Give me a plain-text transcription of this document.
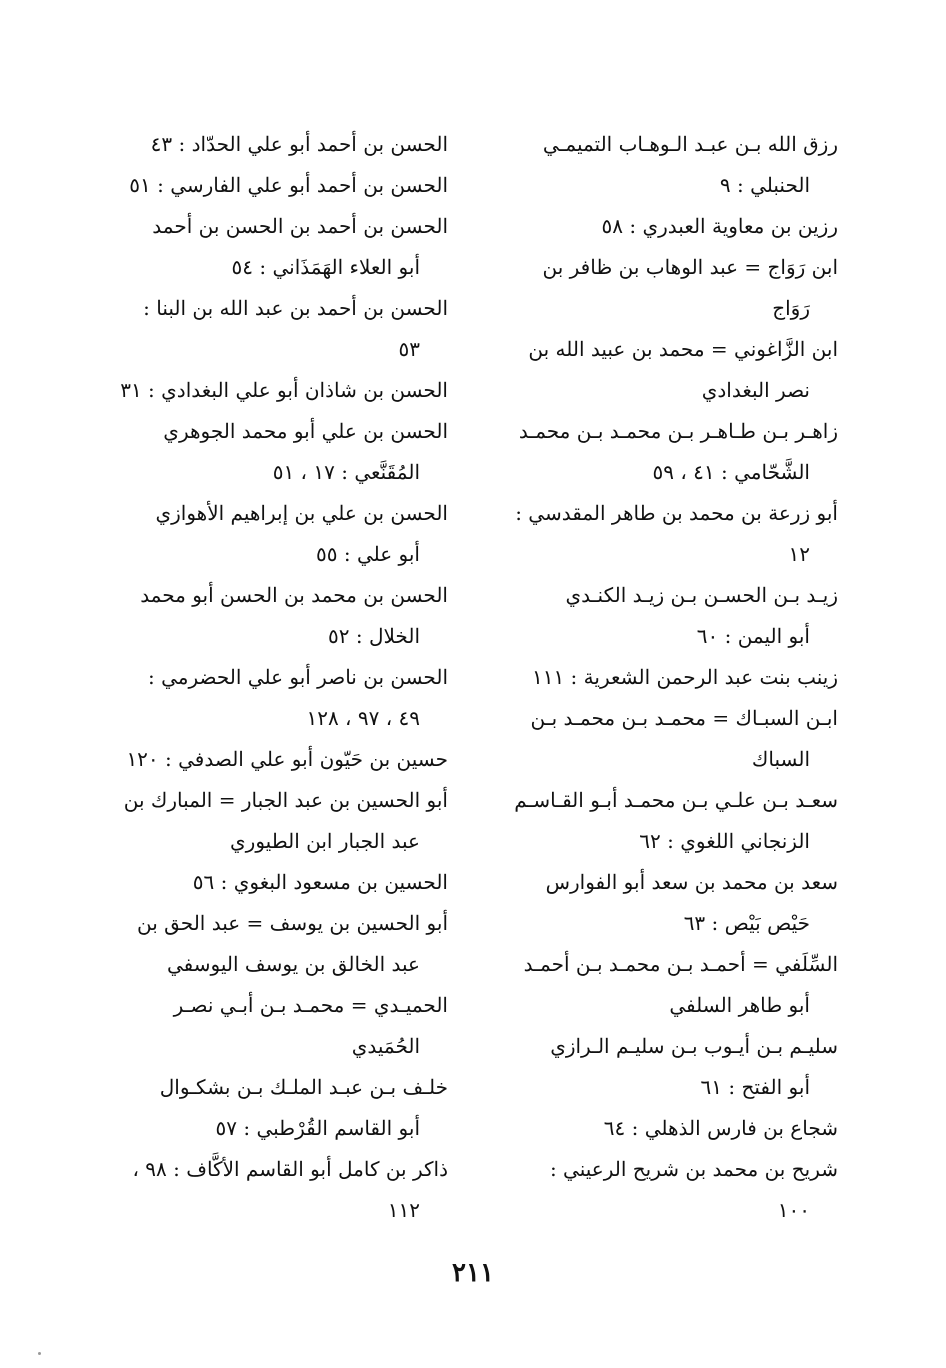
الحسن بن أحمد أبو علي الحدّاد : ٤٣
الحسن بن أحمد أبو علي الفارسي : ٥١
الحسن بن أحمد بن الحسن بن أحمد
أبو العلاء الهَمَذَاني : ٥٤
الحسن بن أحمد بن عبد الله بن البنا :
٥٣
الحسن بن شاذان أبو علي البغدادي : ٣١
الحسن بن علي أبو محمد الجوهري
المُقَنَّعي : ١٧ ، ٥١
الحسن بن علي بن إبراهيم الأهوازي
أبو علي : ٥٥
الحسن بن محمد بن الحسن أبو محمد
الخلال : ٥٢
الحسن بن ناصر أبو علي الحضرمي :
٤٩ ، ٩٧ ، ١٢٨
حسين بن حَيّون أبو علي الصدفي : ١٢٠
أبو الحسين بن عبد الجبار = المبارك بن
عبد الجبار ابن الطيوري
الحسين بن مسعود البغوي : ٥٦
أبو الحسين بن يوسف = عبد الحق بن
عبد الخالق بن يوسف اليوسفي
الحميـدي = محمـد بـن أبـي نصـر
الحُمَيدي
خلـف بـن عبـد الملـك بـن بشكـوال
أبو القاسم القُرْطبي : ٥٧
ذاكر بن كامل أبو القاسم الأكَّاف : ٩٨ ،
١١٢
رزق الله بـن عبـد الـوهـاب التميمـي
الحنبلي : ٩
رزين بن معاوية العبدري : ٥٨
ابن رَوَاج = عبد الوهاب بن ظافر بن
رَوَاج
ابن الزَّاغوني = محمد بن عبيد الله بن
نصر البغدادي
زاهـر بـن طـاهـر بـن محمـد بـن محمـد
الشَّحّامي : ٤١ ، ٥٩
أبو زرعة بن محمد بن طاهر المقدسي :
١٢
زيـد بـن الحسـن بـن زيـد الكنـدي
أبو اليمن : ٦٠
زينب بنت عبد الرحمن الشعرية : ١١١
ابـن السبـاك = محمـد بـن محمـد بـن
السباك
سعـد بـن علـي بـن محمـد أبـو القـاسـم
الزنجاني اللغوي : ٦٢
سعد بن محمد بن سعد أبو الفوارس
حَيْص بَيْص : ٦٣
السِّلَفي = أحمـد بـن محمـد بـن أحمـد
أبو طاهر السلفي
سليـم بـن أيـوب بـن سليـم الـرازي
أبو الفتح : ٦١
شجاع بن فارس الذهلي : ٦٤
شريح بن محمد بن شريح الرعيني :
١٠٠
٢١١
